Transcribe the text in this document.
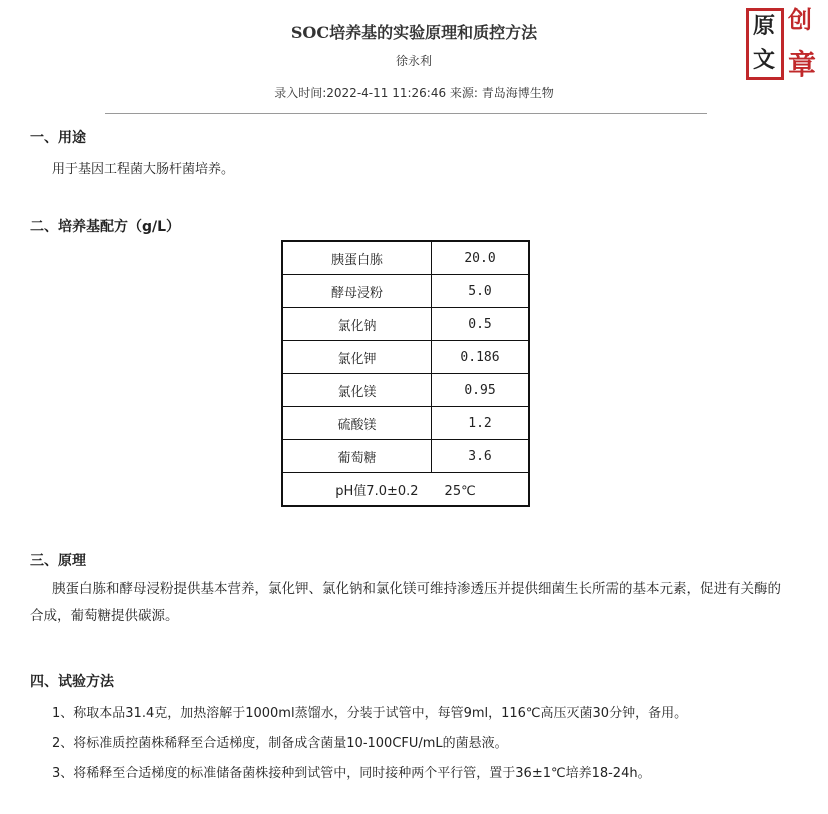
SOC培养基的实验原理和质控方法
徐永利
录入时间:2022-4-11 11:26:46 来源: 青岛海博生物
原
文
创
章
一、用途
用于基因工程菌大肠杆菌培养。
二、培养基配方（g/L）
胰蛋白胨	20.0
酵母浸粉	5.0
氯化钠	0.5
氯化钾	0.186
氯化镁	0.95
硫酸镁	1.2
葡萄糖	3.6
pH值7.0±0.2　　25℃	
三、原理
胰蛋白胨和酵母浸粉提供基本营养，氯化钾、氯化钠和氯化镁可维持渗透压并提供细菌生长所需的基本元素，促进有关酶的合成，葡萄糖提供碳源。
四、试验方法
1、称取本品31.4克，加热溶解于1000ml蒸馏水，分装于试管中，每管9ml，116℃高压灭菌30分钟，备用。
2、将标准质控菌株稀释至合适梯度，制备成含菌量10-100CFU/mL的菌悬液。
3、将稀释至合适梯度的标准储备菌株接种到试管中，同时接种两个平行管，置于36±1℃培养18-24h。
